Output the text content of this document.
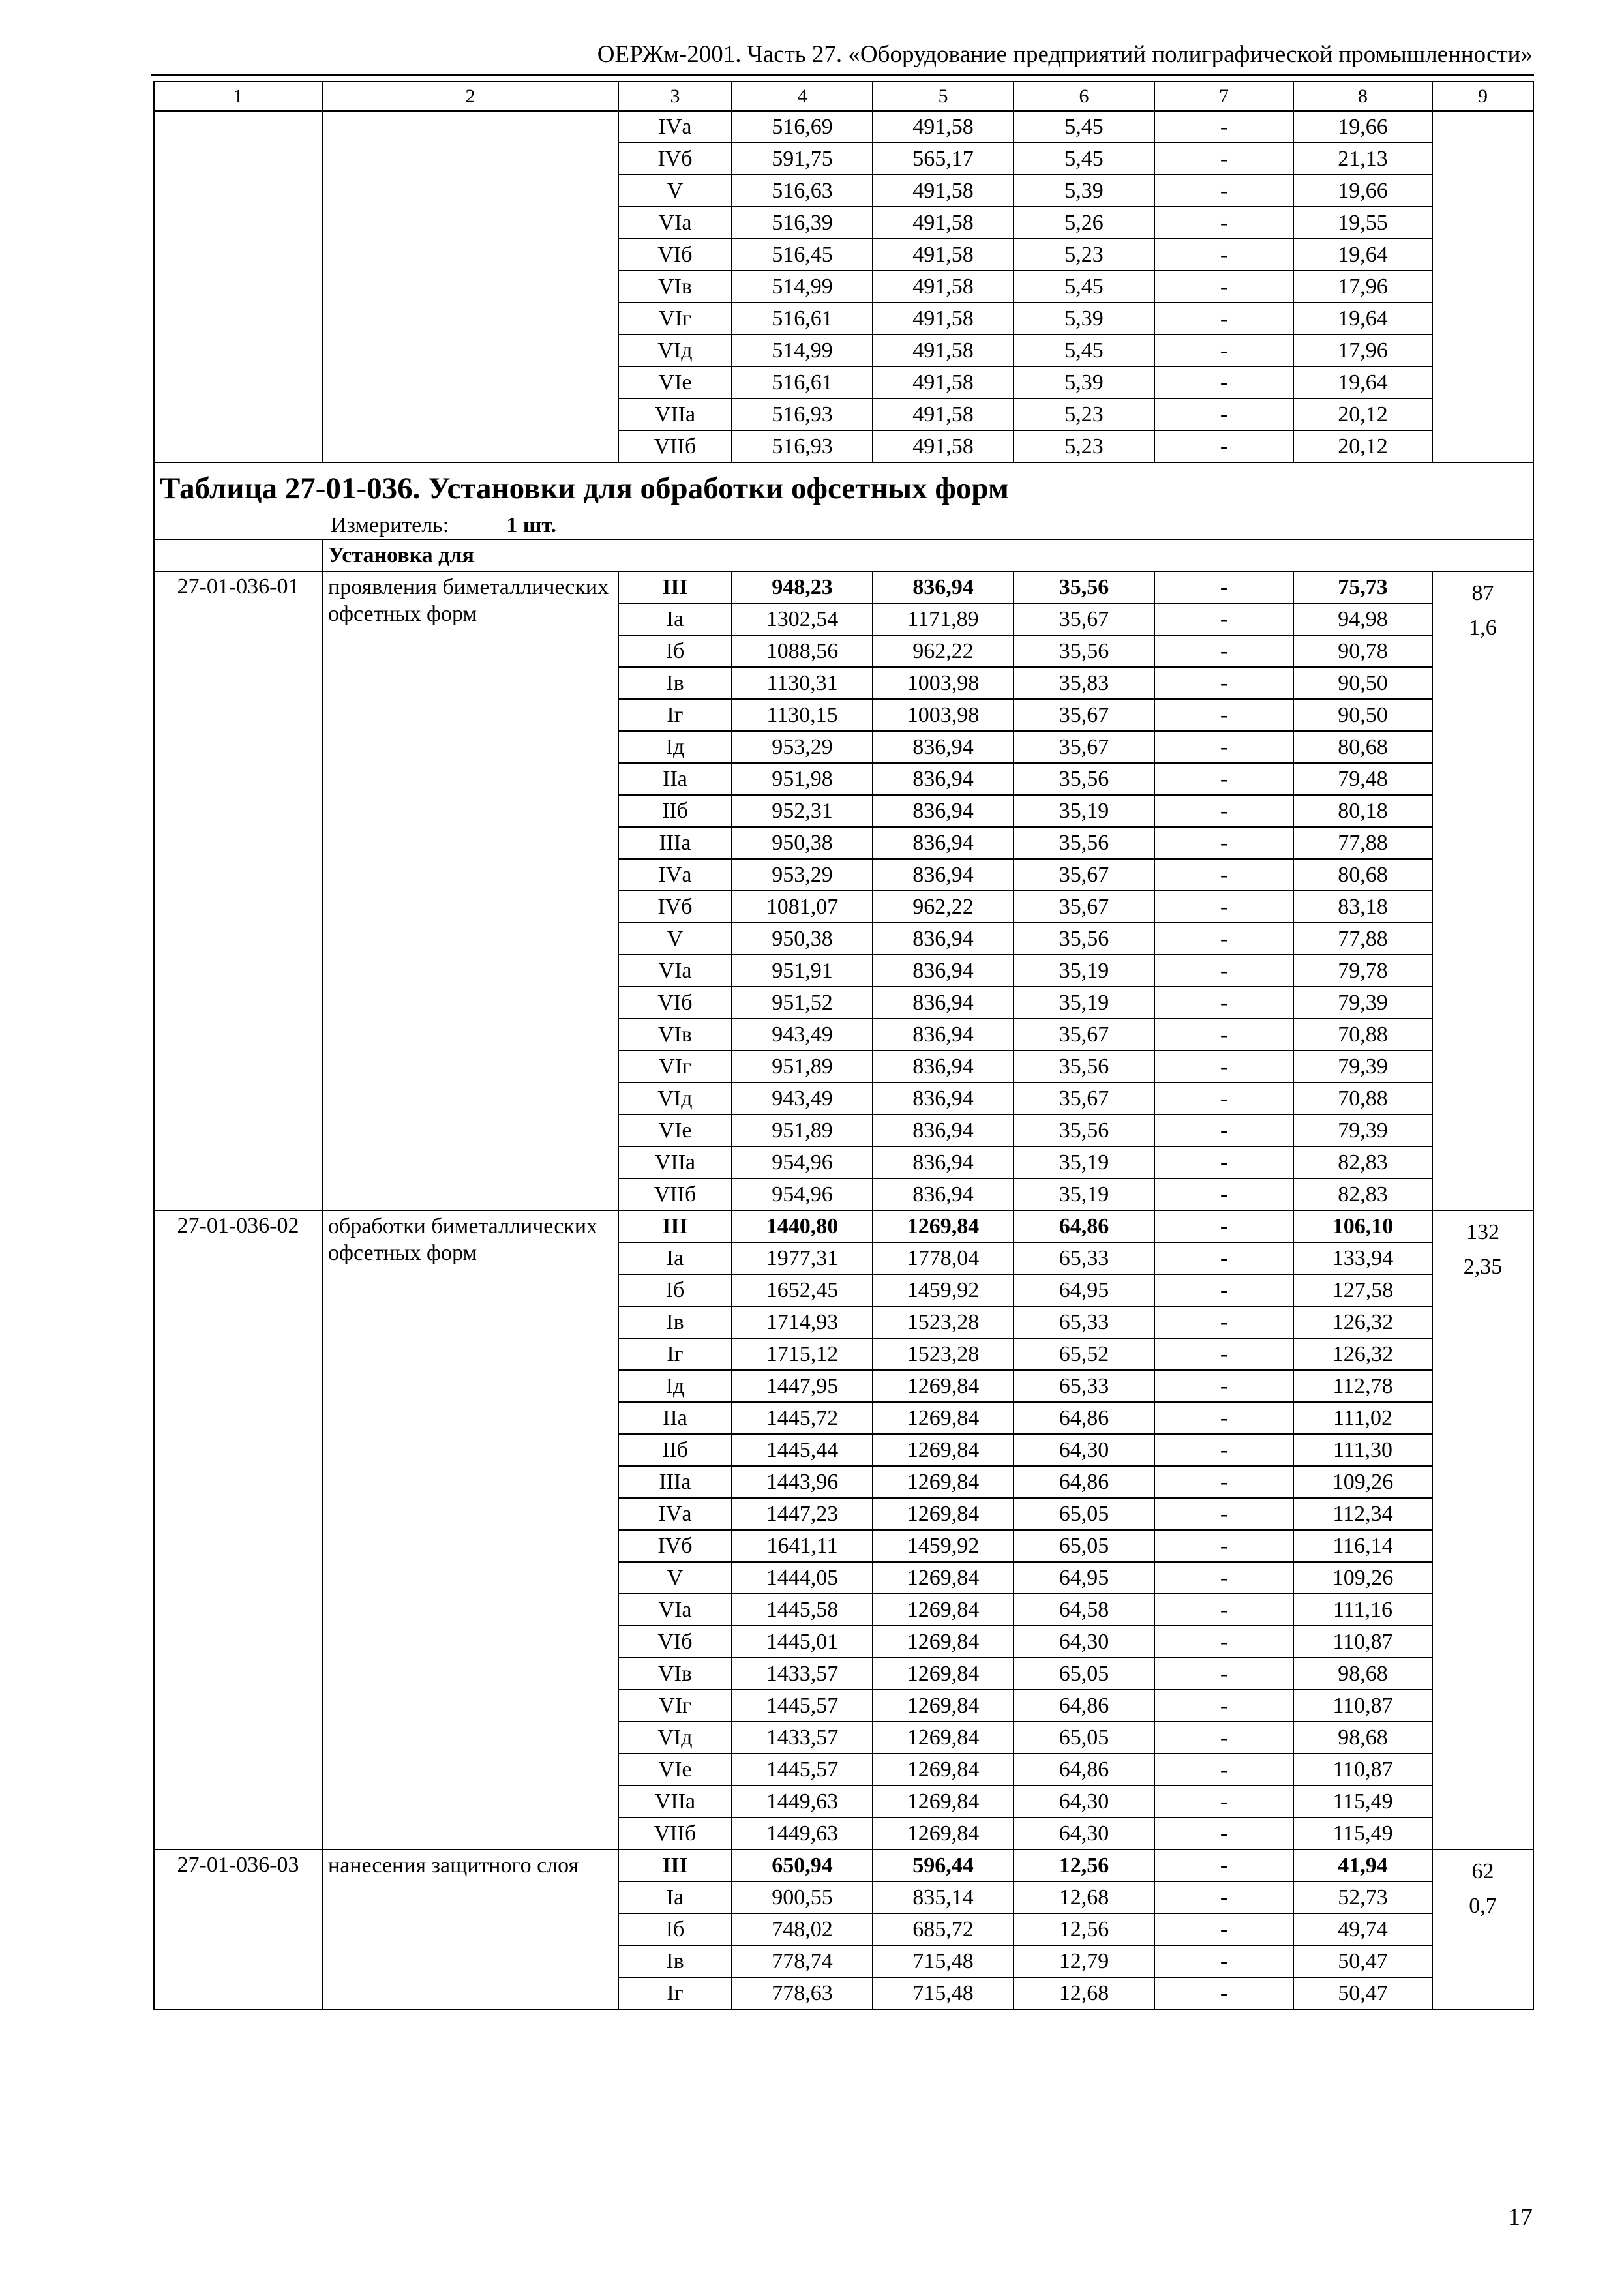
ОЕРЖм-2001. Часть 27. «Оборудование предприятий полиграфической промышленности»
1	2	3	4	5	6	7	8	9
		IVа	516,69	491,58	5,45	-	19,66	
		IVб	591,75	565,17	5,45	-	21,13	
		V	516,63	491,58	5,39	-	19,66	
		VIа	516,39	491,58	5,26	-	19,55	
		VIб	516,45	491,58	5,23	-	19,64	
		VIв	514,99	491,58	5,45	-	17,96	
		VIг	516,61	491,58	5,39	-	19,64	
		VIд	514,99	491,58	5,45	-	17,96	
		VIе	516,61	491,58	5,39	-	19,64	
		VIIа	516,93	491,58	5,23	-	20,12	
		VIIб	516,93	491,58	5,23	-	20,12	

Таблица 27-01-036. Установки для обработки офсетных форм
Измеритель: 1 шт.								

	Установка для							
27-01-036-01	проявления биметаллических офсетных форм	III	948,23	836,94	35,56	-	75,73	87
1,6

		Iа	1302,54	1171,89	35,67	-	94,98	
		Iб	1088,56	962,22	35,56	-	90,78	
		Iв	1130,31	1003,98	35,83	-	90,50	
		Iг	1130,15	1003,98	35,67	-	90,50	
		Iд	953,29	836,94	35,67	-	80,68	
		IIа	951,98	836,94	35,56	-	79,48	
		IIб	952,31	836,94	35,19	-	80,18	
		IIIа	950,38	836,94	35,56	-	77,88	
		IVа	953,29	836,94	35,67	-	80,68	
		IVб	1081,07	962,22	35,67	-	83,18	
		V	950,38	836,94	35,56	-	77,88	
		VIа	951,91	836,94	35,19	-	79,78	
		VIб	951,52	836,94	35,19	-	79,39	
		VIв	943,49	836,94	35,67	-	70,88	
		VIг	951,89	836,94	35,56	-	79,39	
		VIд	943,49	836,94	35,67	-	70,88	
		VIе	951,89	836,94	35,56	-	79,39	
		VIIа	954,96	836,94	35,19	-	82,83	
		VIIб	954,96	836,94	35,19	-	82,83	
27-01-036-02	обработки биметаллических офсетных форм	III	1440,80	1269,84	64,86	-	106,10	132
2,35

		Iа	1977,31	1778,04	65,33	-	133,94	
		Iб	1652,45	1459,92	64,95	-	127,58	
		Iв	1714,93	1523,28	65,33	-	126,32	
		Iг	1715,12	1523,28	65,52	-	126,32	
		Iд	1447,95	1269,84	65,33	-	112,78	
		IIа	1445,72	1269,84	64,86	-	111,02	
		IIб	1445,44	1269,84	64,30	-	111,30	
		IIIа	1443,96	1269,84	64,86	-	109,26	
		IVа	1447,23	1269,84	65,05	-	112,34	
		IVб	1641,11	1459,92	65,05	-	116,14	
		V	1444,05	1269,84	64,95	-	109,26	
		VIа	1445,58	1269,84	64,58	-	111,16	
		VIб	1445,01	1269,84	64,30	-	110,87	
		VIв	1433,57	1269,84	65,05	-	98,68	
		VIг	1445,57	1269,84	64,86	-	110,87	
		VIд	1433,57	1269,84	65,05	-	98,68	
		VIе	1445,57	1269,84	64,86	-	110,87	
		VIIа	1449,63	1269,84	64,30	-	115,49	
		VIIб	1449,63	1269,84	64,30	-	115,49	
27-01-036-03	нанесения защитного слоя	III	650,94	596,44	12,56	-	41,94	62
0,7

		Iа	900,55	835,14	12,68	-	52,73	
		Iб	748,02	685,72	12,56	-	49,74	
		Iв	778,74	715,48	12,79	-	50,47	
		Iг	778,63	715,48	12,68	-	50,47	
17
